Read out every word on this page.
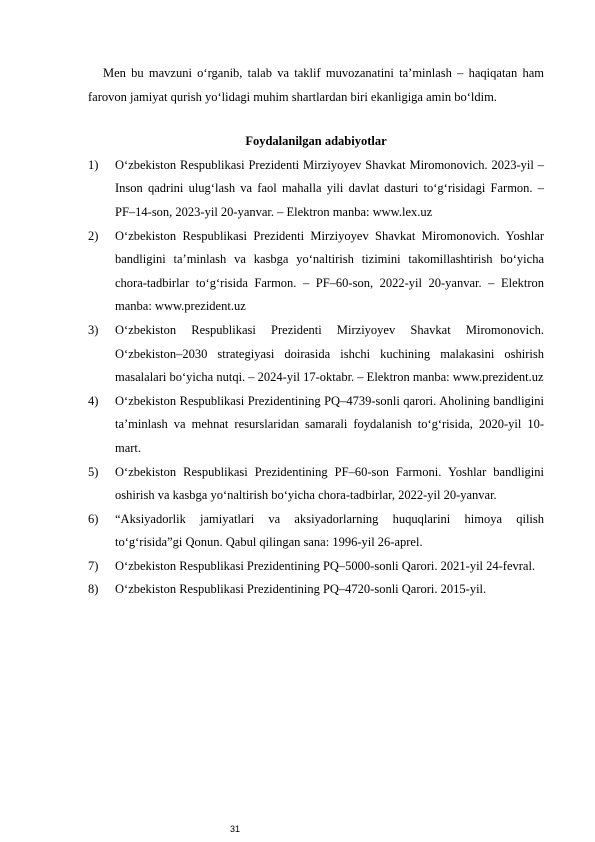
Men bu mavzuni o‘rganib, talab va taklif muvozanatini ta’minlash – haqiqatan ham farovon jamiyat qurish yo‘lidagi muhim shartlardan biri ekanligiga amin bo‘ldim.

Foydalanilgan adabiyotlar
1) O‘zbekiston Respublikasi Prezidenti Mirziyoyev Shavkat Miromonovich. 2023-yil – Inson qadrini ulug‘lash va faol mahalla yili davlat dasturi to‘g‘risidagi Farmon. – PF–14-son, 2023-yil 20-yanvar. – Elektron manba: www.lex.uz
2) O‘zbekiston Respublikasi Prezidenti Mirziyoyev Shavkat Miromonovich. Yoshlar bandligini ta’minlash va kasbga yo‘naltirish tizimini takomillashtirish bo‘yicha chora-tadbirlar to‘g‘risida Farmon. – PF–60-son, 2022-yil 20-yanvar. – Elektron manba: www.prezident.uz
3) O‘zbekiston Respublikasi Prezidenti Mirziyoyev Shavkat Miromonovich. O‘zbekiston–2030 strategiyasi doirasida ishchi kuchining malakasini oshirish masalalari bo‘yicha nutqi. – 2024-yil 17-oktabr. – Elektron manba: www.prezident.uz
4) O‘zbekiston Respublikasi Prezidentining PQ–4739-sonli qarori. Aholining bandligini ta’minlash va mehnat resurslaridan samarali foydalanish to‘g‘risida, 2020-yil 10-mart.
5) O‘zbekiston Respublikasi Prezidentining PF–60-son Farmoni. Yoshlar bandligini oshirish va kasbga yo‘naltirish bo‘yicha chora-tadbirlar, 2022-yil 20-yanvar.
6) “Aksiyadorlik jamiyatlari va aksiyadorlarning huquqlarini himoya qilish to‘g‘risida”gi Qonun. Qabul qilingan sana: 1996-yil 26-aprel.
7) O‘zbekiston Respublikasi Prezidentining PQ–5000-sonli Qarori. 2021-yil 24-fevral.
8) O‘zbekiston Respublikasi Prezidentining PQ–4720-sonli Qarori. 2015-yil.
31
